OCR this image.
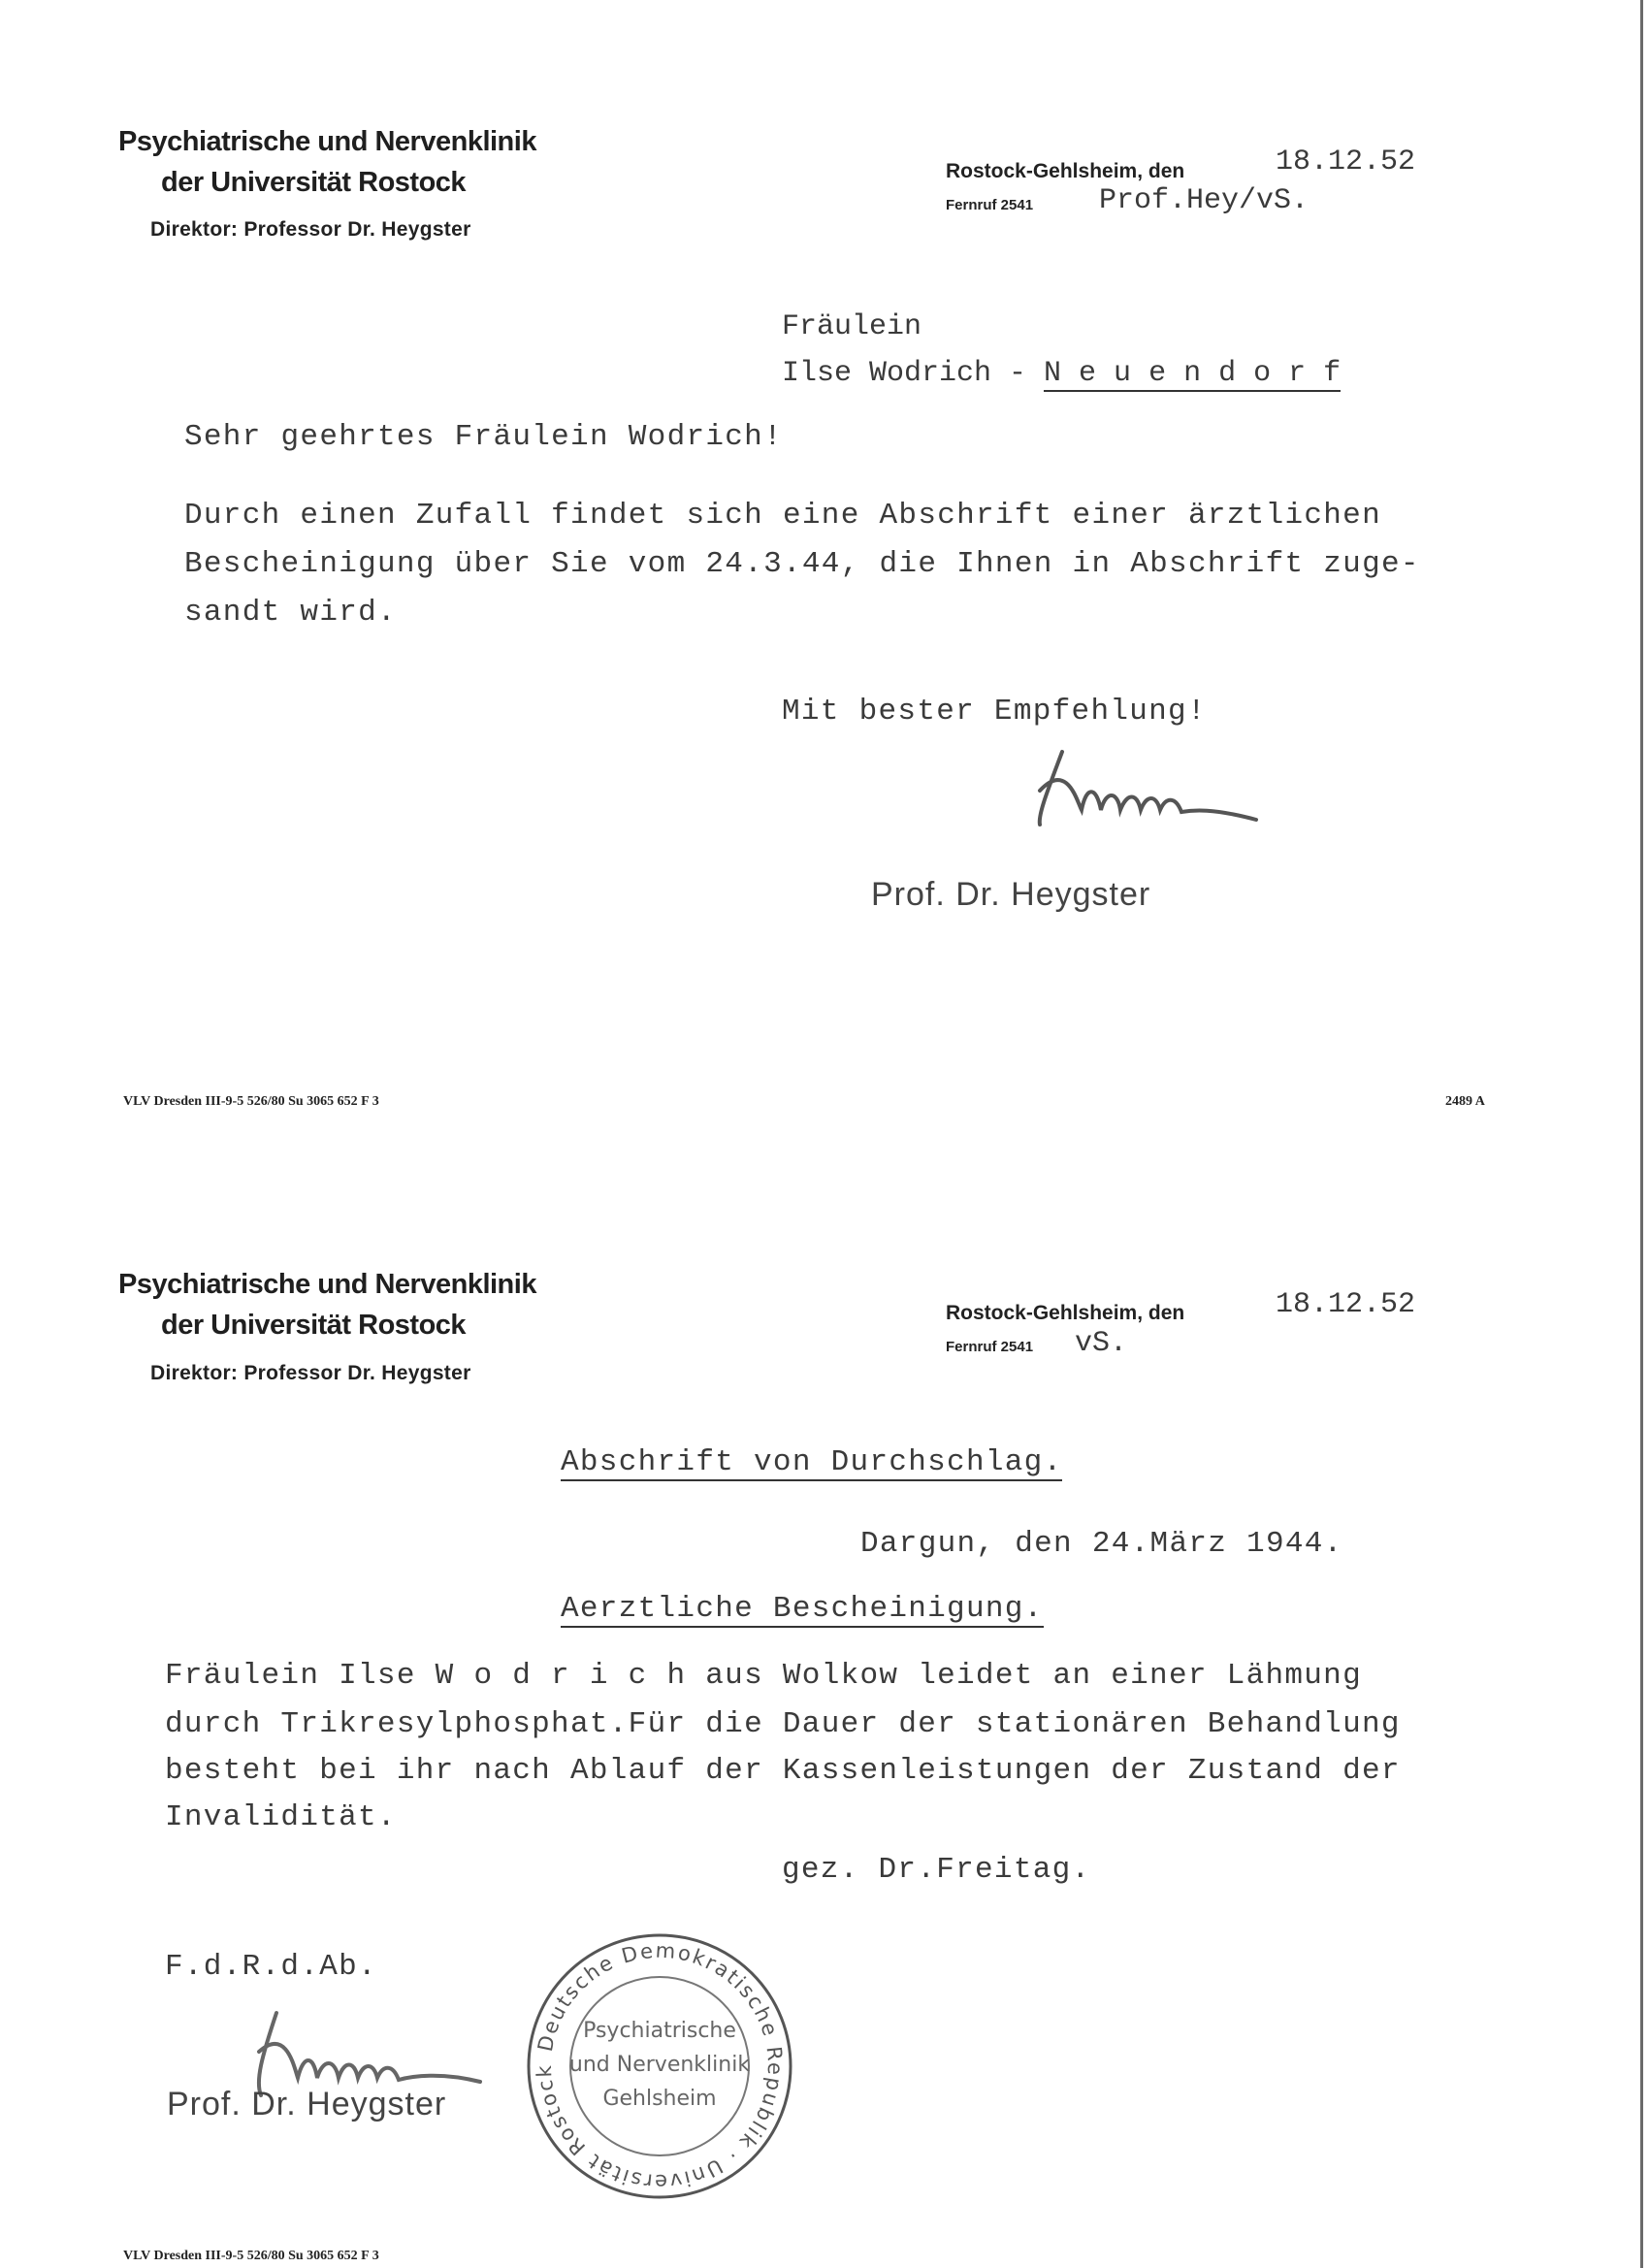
Psychiatrische und Nervenklinik
der Universität Rostock
Direktor: Professor Dr. Heygster
Rostock-Gehlsheim, den
Fernruf 2541
18.12.52
Prof.Hey/vS.
Fräulein
Ilse Wodrich - N e u e n d o r f
Sehr geehrtes Fräulein Wodrich!
Durch einen Zufall findet sich eine Abschrift einer ärztlichen
Bescheinigung über Sie vom 24.3.44, die Ihnen in Abschrift zuge-
sandt wird.
Mit bester Empfehlung!
Prof. Dr. Heygster
VLV Dresden III-9-5 526/80 Su 3065 652 F 3	2489 A
Psychiatrische und Nervenklinik
der Universität Rostock
Direktor: Professor Dr. Heygster
Rostock-Gehlsheim, den
Fernruf 2541
18.12.52
vS.
Abschrift von Durchschlag.
Dargun, den 24.März 1944.
Aerztliche Bescheinigung.
Fräulein Ilse W o d r i c h aus Wolkow leidet an einer Lähmung
durch Trikresylphosphat.Für die Dauer der stationären Behandlung
besteht bei ihr nach Ablauf der Kassenleistungen der Zustand der
Invalidität.
gez. Dr.Freitag.
F.d.R.d.Ab.
Prof. Dr. Heygster
Deutsche Demokratische Republik · Universität Rostock
Psychiatrische
und Nervenklinik
Gehlsheim
VLV Dresden III-9-5 526/80 Su 3065 652 F 3
